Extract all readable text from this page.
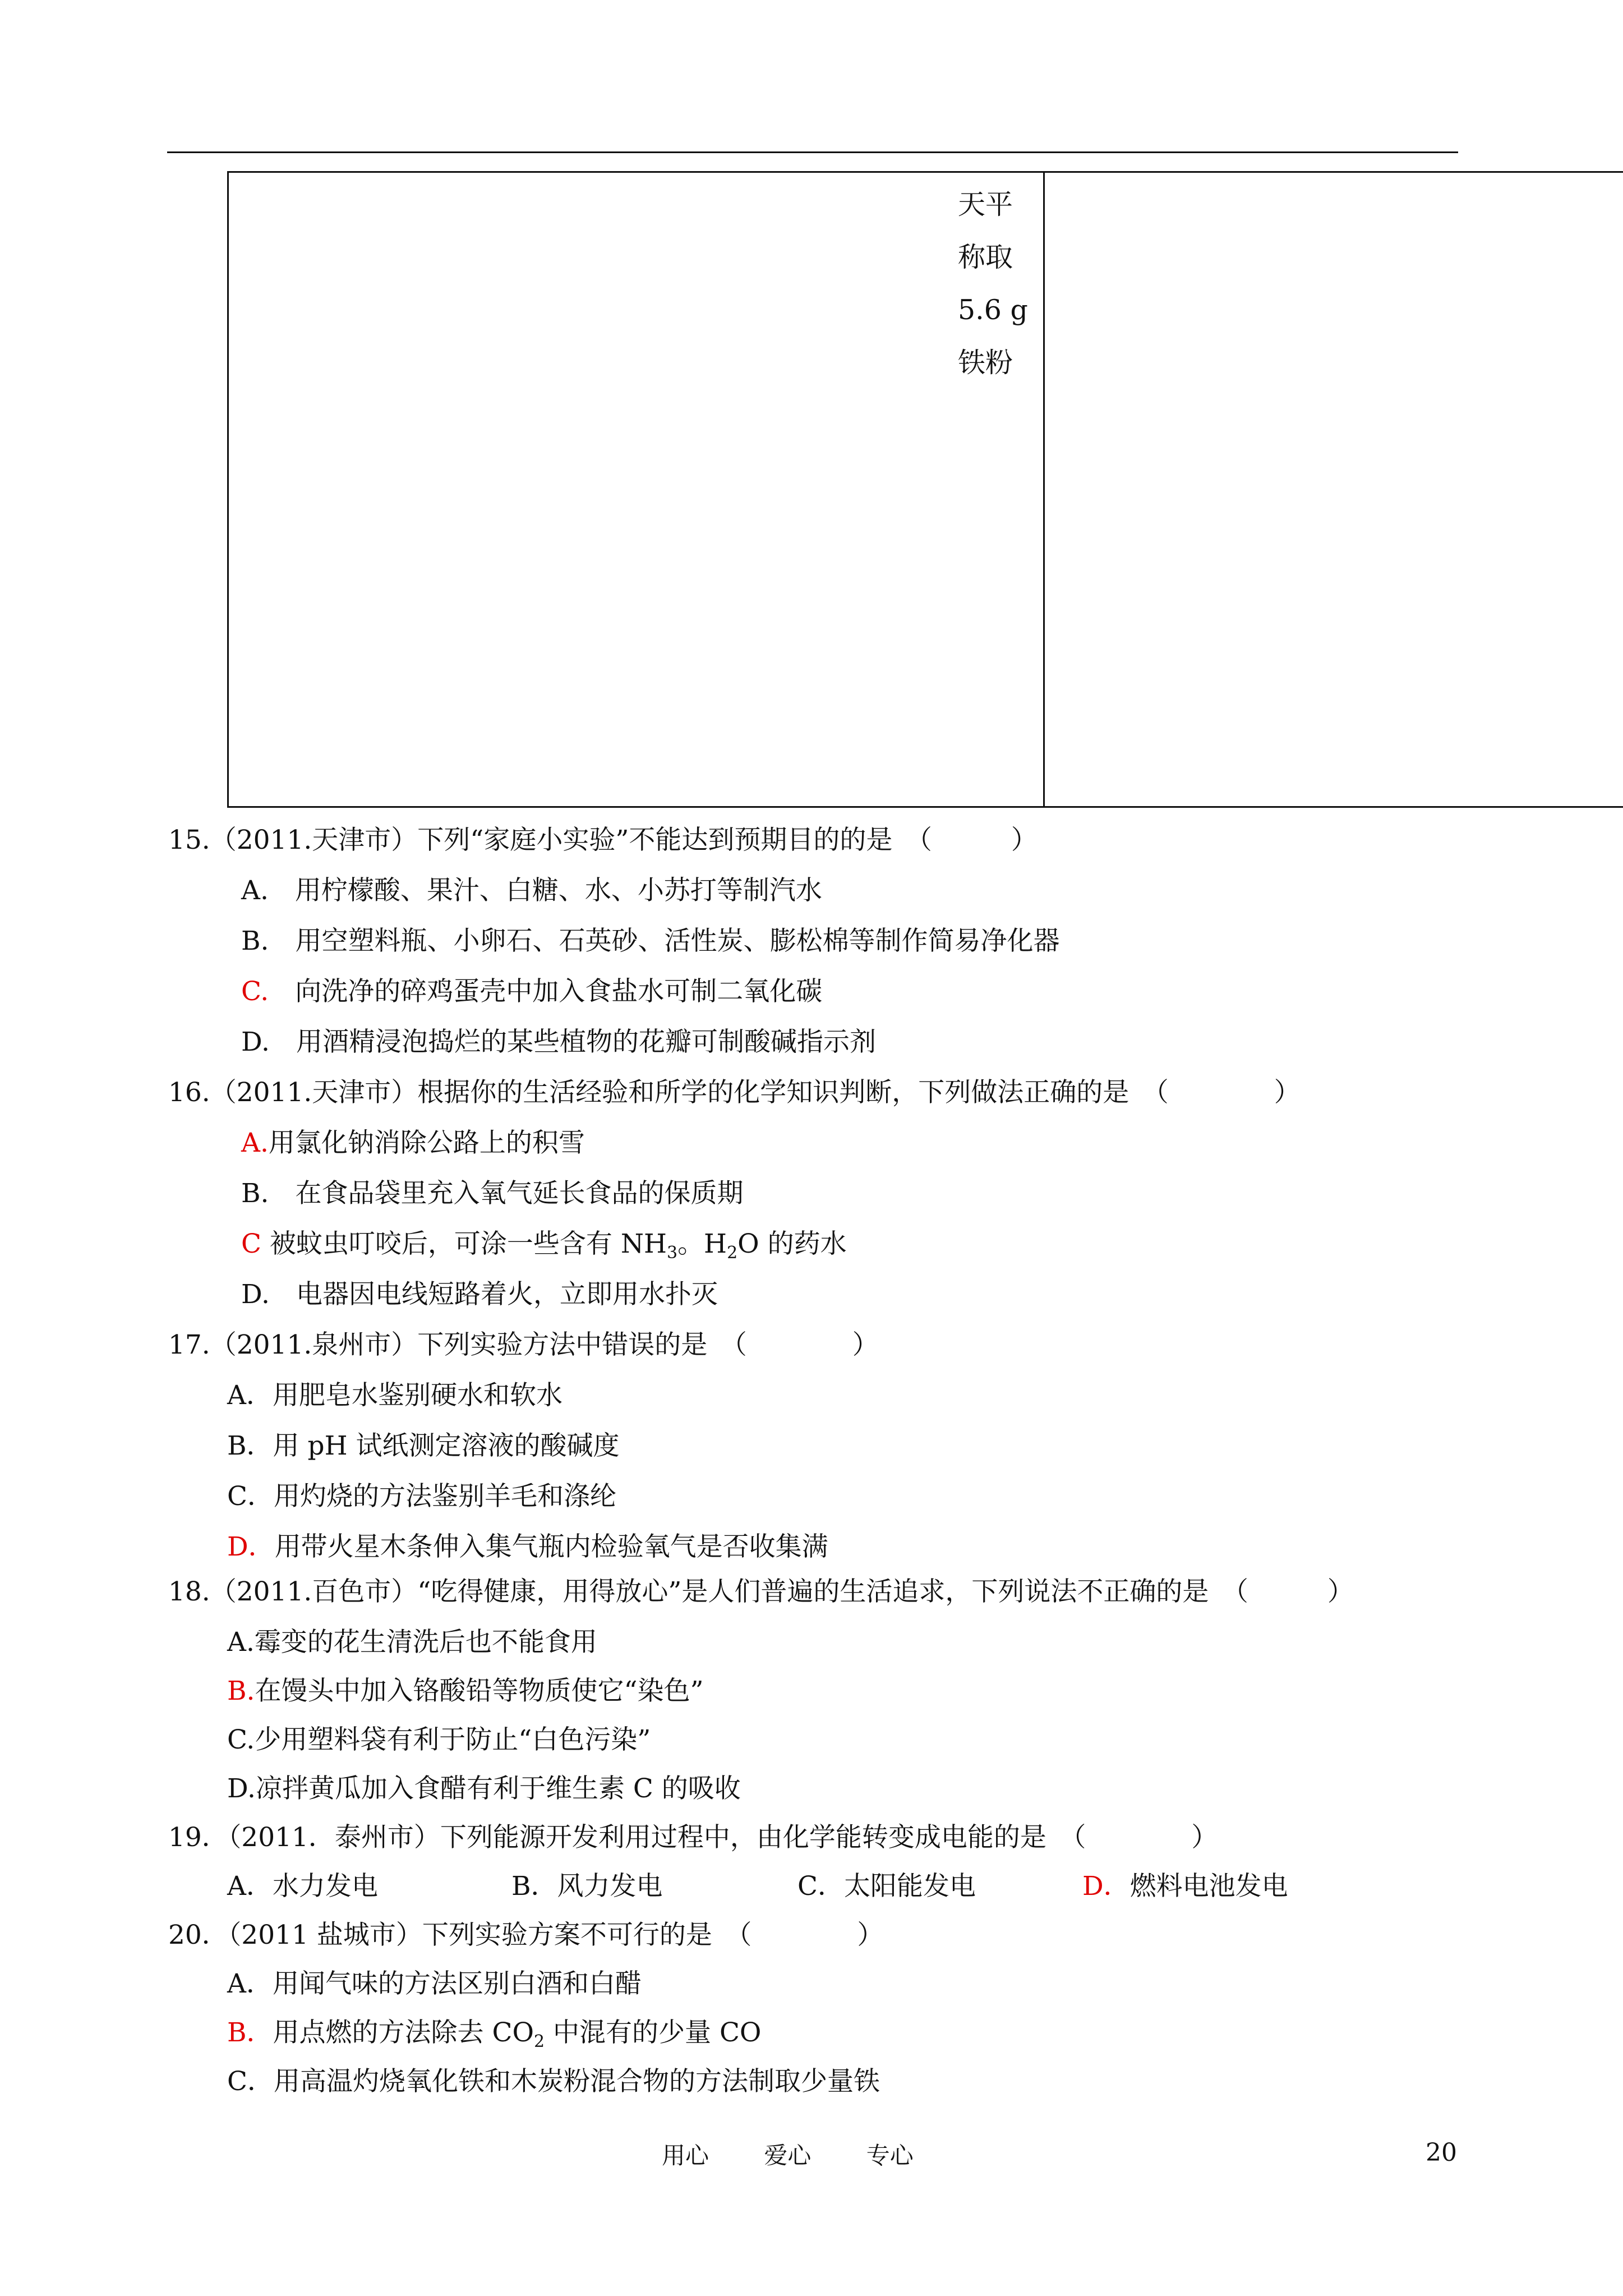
天平
称取
5.6 g
铁粉
15.（2011.天津市）下列“家庭小实验”不能达到预期目的的是　（　　　）
A.　用柠檬酸、果汁、白糖、水、小苏打等制汽水
B.　用空塑料瓶、小卵石、石英砂、活性炭、膨松棉等制作简易净化器
C.　向洗净的碎鸡蛋壳中加入食盐水可制二氧化碳
D.　用酒精浸泡捣烂的某些植物的花瓣可制酸碱指示剂
16.（2011.天津市）根据你的生活经验和所学的化学知识判断，下列做法正确的是　（　　　　）
A.用氯化钠消除公路上的积雪
B.　在食品袋里充入氧气延长食品的保质期
C 被蚊虫叮咬后，可涂一些含有 $NH_3$。$H_2O$ 的药水
D.　电器因电线短路着火，立即用水扑灭
17.（2011.泉州市）下列实验方法中错误的是　（　　　　）
A．用肥皂水鉴别硬水和软水
B．用 pH 试纸测定溶液的酸碱度
C．用灼烧的方法鉴别羊毛和涤纶
D．用带火星木条伸入集气瓶内检验氧气是否收集满
18.（2011.百色市）“吃得健康，用得放心”是人们普遍的生活追求，下列说法不正确的是　（　　　）
A.霉变的花生清洗后也不能食用
B.在馒头中加入铬酸铅等物质使它“染色”
C.少用塑料袋有利于防止“白色污染”
D.凉拌黄瓜加入食醋有利于维生素 C 的吸收
19．（2011．泰州市）下列能源开发利用过程中，由化学能转变成电能的是　（　　　　）
A．水力发电	B．风力发电	C．太阳能发电	D．燃料电池发电
20．（2011 盐城市）下列实验方案不可行的是　（　　　　）
A．用闻气味的方法区别白酒和白醋
B．用点燃的方法除去 $CO_2$ 中混有的少量 CO
C．用高温灼烧氧化铁和木炭粉混合物的方法制取少量铁
用心 爱心 专心	20
